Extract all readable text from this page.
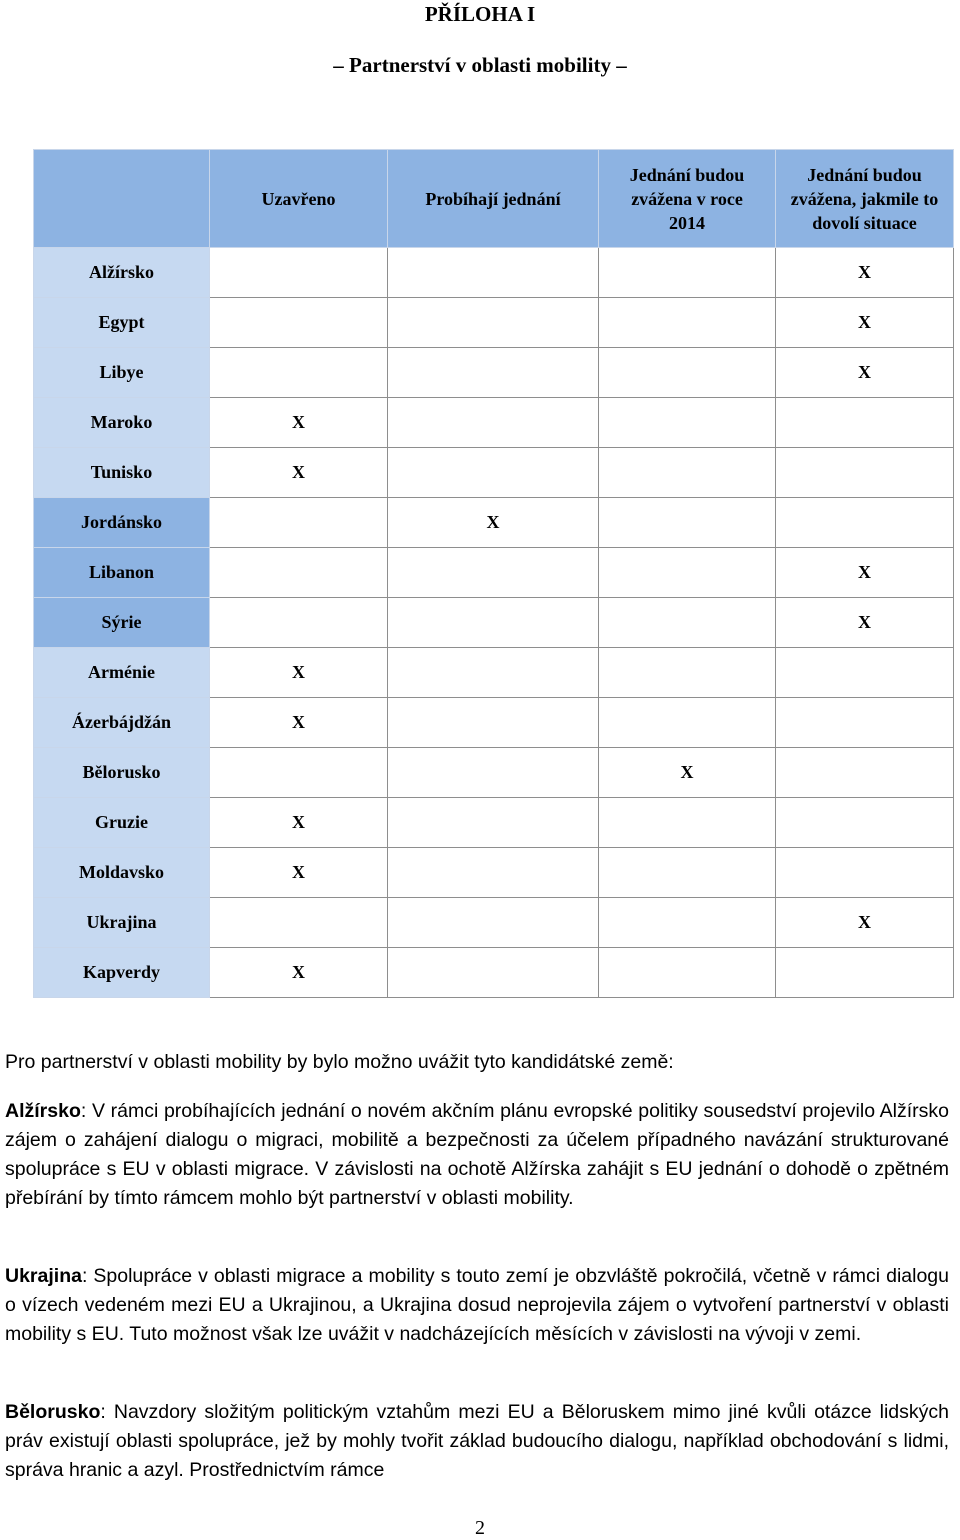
PŘÍLOHA I
– Partnerství v oblasti mobility –
	Uzavřeno	Probíhají jednání	Jednání budou zvážena v roce 2014	Jednání budou zvážena, jakmile to dovolí situace

Alžírsko				X
Egypt				X
Libye				X
Maroko	X			
Tunisko	X			
Jordánsko		X		
Libanon				X
Sýrie				X
Arménie	X			
Ázerbájdžán	X			
Bělorusko			X	
Gruzie	X			
Moldavsko	X			
Ukrajina				X
Kapverdy	X			

Pro partnerství v oblasti mobility by bylo možno uvážit tyto kandidátské země:

Alžírsko: V rámci probíhajících jednání o novém akčním plánu evropské politiky sousedství projevilo Alžírsko zájem o zahájení dialogu o migraci, mobilitě a bezpečnosti za účelem případného navázání strukturované spolupráce s EU v oblasti migrace. V závislosti na ochotě Alžírska zahájit s EU jednání o dohodě o zpětném přebírání by tímto rámcem mohlo být partnerství v oblasti mobility.

Ukrajina: Spolupráce v oblasti migrace a mobility s touto zemí je obzvláště pokročilá, včetně v rámci dialogu o vízech vedeném mezi EU a Ukrajinou, a Ukrajina dosud neprojevila zájem o vytvoření partnerství v oblasti mobility s EU. Tuto možnost však lze uvážit v nadcházejících měsících v závislosti na vývoji v zemi.

Bělorusko: Navzdory složitým politickým vztahům mezi EU a Běloruskem mimo jiné kvůli otázce lidských práv existují oblasti spolupráce, jež by mohly tvořit základ budoucího dialogu, například obchodování s lidmi, správa hranic a azyl. Prostřednictvím rámce

2
